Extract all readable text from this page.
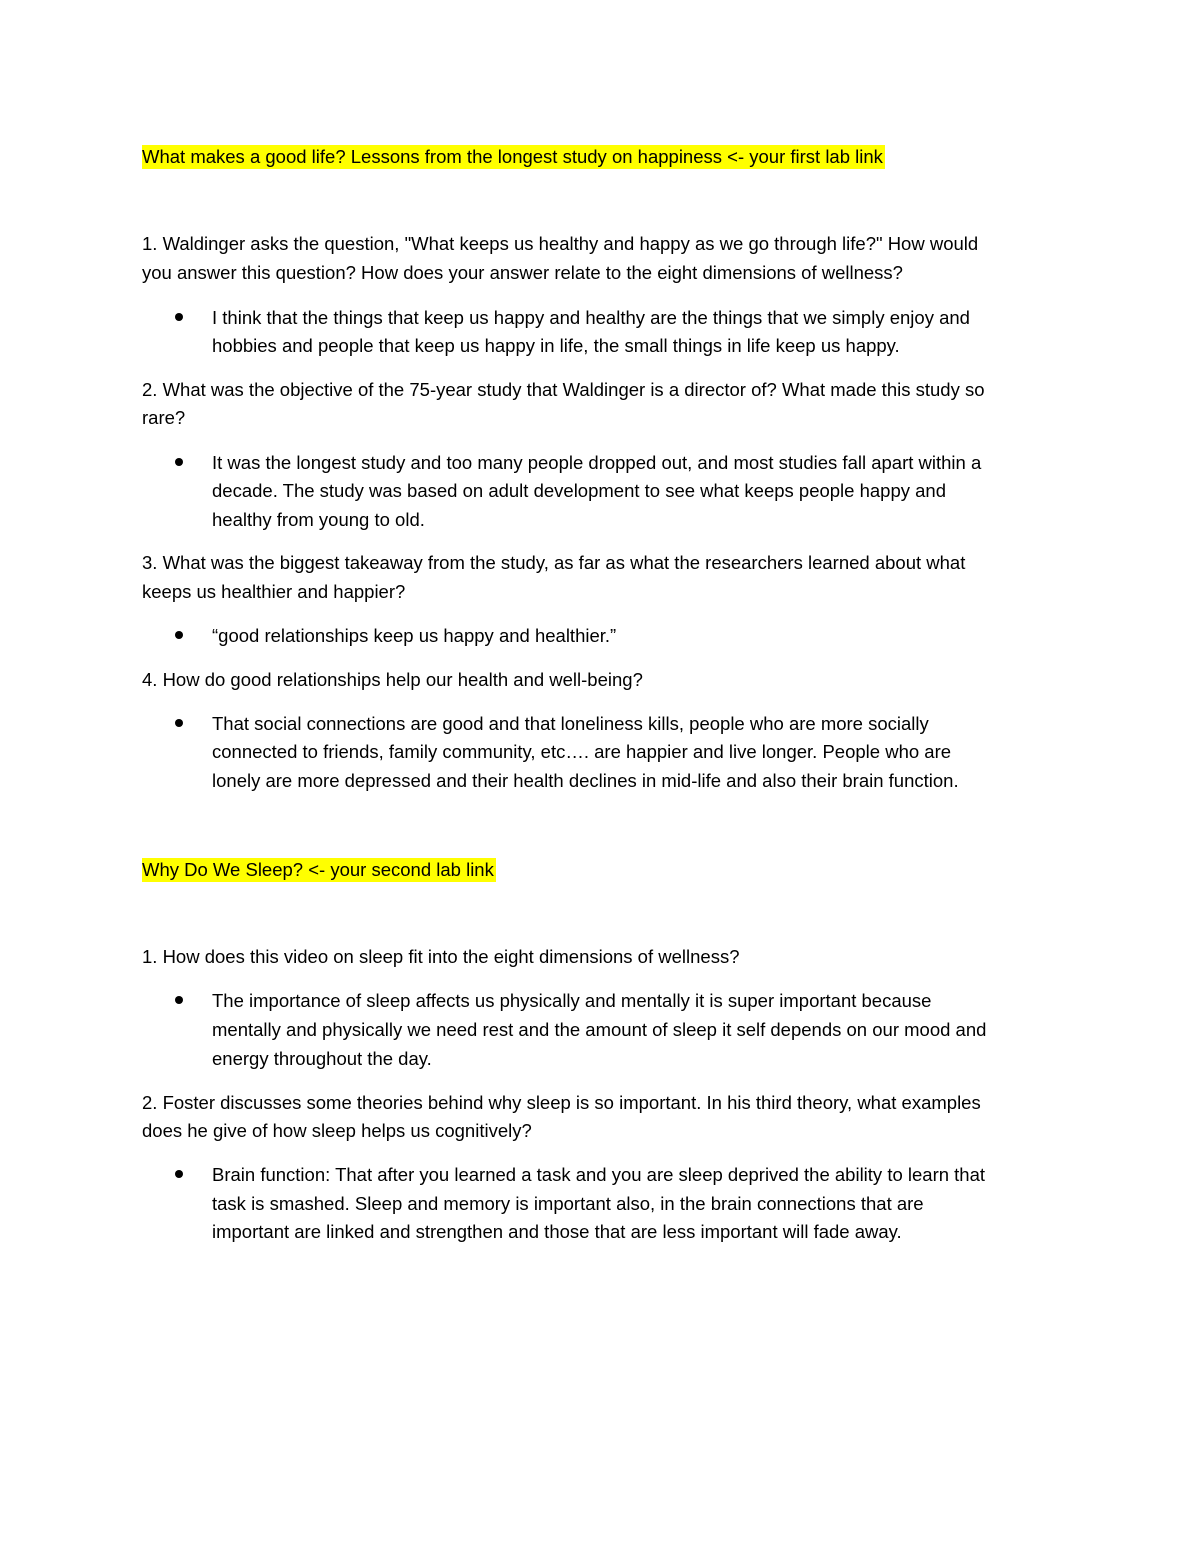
What makes a good life? Lessons from the longest study on happiness <- your first lab link

1. Waldinger asks the question, "What keeps us healthy and happy as we go through life?" How would

you answer this question? How does your answer relate to the eight dimensions of wellness?

I think that the things that keep us happy and healthy are the things that we simply enjoy and

hobbies and people that keep us happy in life, the small things in life keep us happy.

2. What was the objective of the 75-year study that Waldinger is a director of? What made this study so

rare?

It was the longest study and too many people dropped out, and most studies fall apart within a

decade. The study was based on adult development to see what keeps people happy and

healthy from young to old.

3. What was the biggest takeaway from the study, as far as what the researchers learned about what

keeps us healthier and happier?

“good relationships keep us happy and healthier.”

4. How do good relationships help our health and well-being?

That social connections are good and that loneliness kills, people who are more socially

connected to friends, family community, etc…. are happier and live longer. People who are

lonely are more depressed and their health declines in mid-life and also their brain function.

Why Do We Sleep? <- your second lab link

1. How does this video on sleep fit into the eight dimensions of wellness?

The importance of sleep affects us physically and mentally it is super important because

mentally and physically we need rest and the amount of sleep it self depends on our mood and

energy throughout the day.

2. Foster discusses some theories behind why sleep is so important. In his third theory, what examples

does he give of how sleep helps us cognitively?

Brain function: That after you learned a task and you are sleep deprived the ability to learn that

task is smashed. Sleep and memory is important also, in the brain connections that are

important are linked and strengthen and those that are less important will fade away.
